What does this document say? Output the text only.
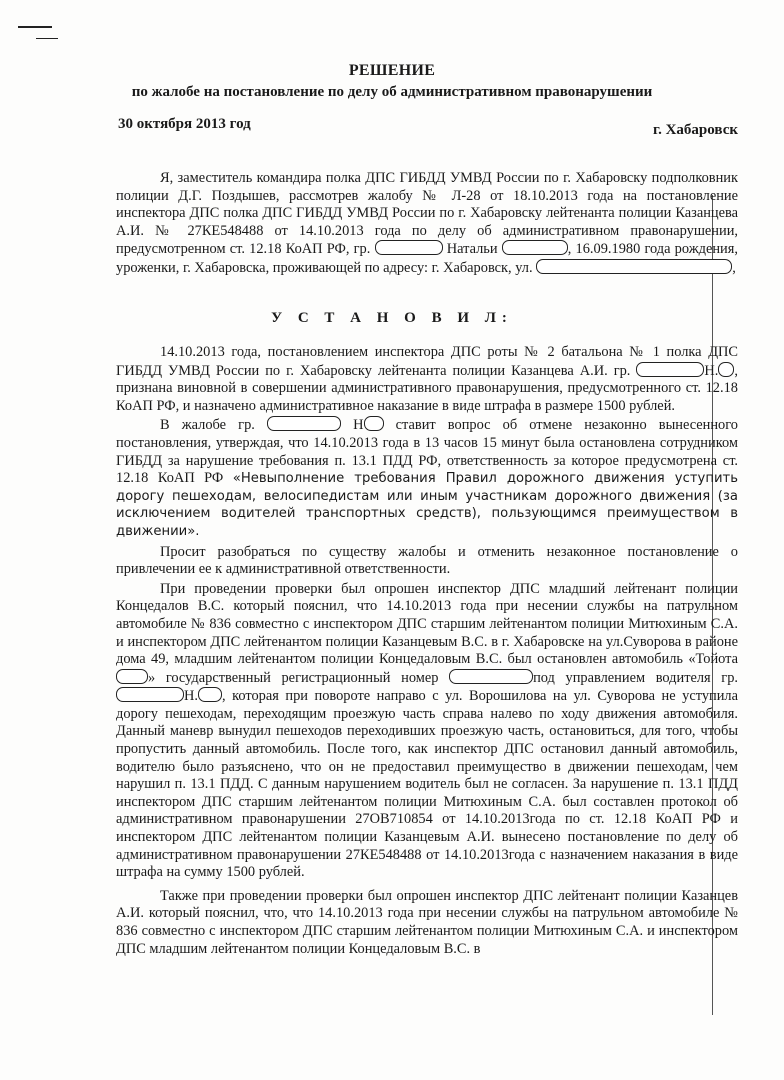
РЕШЕНИЕ
по жалобе на постановление по делу об административном правонарушении
30 октября 2013 год	г. Хабаровск

Я, заместитель командира полка ДПС ГИБДД УМВД России по г. Хабаровску подполковник полиции Д.Г. Поздышев, рассмотрев жалобу № Л-28 от 18.10.2013 года на постановление инспектора ДПС полка ДПС ГИБДД УМВД России по г. Хабаровску лейтенанта полиции Казанцева А.И. № 27КЕ548488 от 14.10.2013 года по делу об административном правонарушении, предусмотренном ст. 12.18 КоАП РФ, гр.	Натальи	, 16.09.1980 года рождения, уроженки, г. Хабаровска, проживающей по адресу: г. Хабаровск, ул.	,

У С Т А Н О В И Л:

14.10.2013 года, постановлением инспектора ДПС роты № 2 батальона № 1 полка ДПС ГИБДД УМВД России по г. Хабаровску лейтенанта полиции Казанцева А.И. гр.	Н. , признана виновной в совершении административного правонарушения, предусмотренного ст. 12.18 КоАП РФ, и назначено административное наказание в виде штрафа в размере 1500 рублей.

В жалобе гр.	Н ставит вопрос об отмене незаконно вынесенного постановления, утверждая, что 14.10.2013 года в 13 часов 15 минут была остановлена сотрудником ГИБДД за нарушение требования п. 13.1 ПДД РФ, ответственность за которое предусмотрена ст. 12.18 КоАП РФ «Невыполнение требования Правил дорожного движения уступить дорогу пешеходам, велосипедистам или иным участникам дорожного движения (за исключением водителей транспортных средств), пользующимся преимуществом в движении».

Просит разобраться по существу жалобы и отменить незаконное постановление о привлечении ее к административной ответственности.

При проведении проверки был опрошен инспектор ДПС младший лейтенант полиции Концедалов В.С. который пояснил, что 14.10.2013 года при несении службы на патрульном автомобиле № 836 совместно с инспектором ДПС старшим лейтенантом полиции Митюхиным С.А. и инспектором ДПС лейтенантом полиции Казанцевым В.С. в г. Хабаровске на ул.Суворова в районе дома 49, младшим лейтенантом полиции Концедаловым В.С. был остановлен автомобиль «Тойота» государственный регистрационный номер	под управлением водителя гр. Н. , которая при повороте направо с ул. Ворошилова на ул. Суворова не уступила дорогу пешеходам, переходящим проезжую часть справа налево по ходу движения автомобиля. Данный маневр вынудил пешеходов переходивших проезжую часть, остановиться, для того, чтобы пропустить данный автомобиль. После того, как инспектор ДПС остановил данный автомобиль, водителю было разъяснено, что он не предоставил преимущество в движении пешеходам, чем нарушил п. 13.1 ПДД. С данным нарушением водитель был не согласен. За нарушение п. 13.1 ПДД инспектором ДПС старшим лейтенантом полиции Митюхиным С.А. был составлен протокол об административном правонарушении 27ОВ710854 от 14.10.2013года по ст. 12.18 КоАП РФ и инспектором ДПС лейтенантом полиции Казанцевым А.И. вынесено постановление по делу об административном правонарушении 27КЕ548488 от 14.10.2013года с назначением наказания в виде штрафа на сумму 1500 рублей.

Также при проведении проверки был опрошен инспектор ДПС лейтенант полиции Казанцев А.И. который пояснил, что, что 14.10.2013 года при несении службы на патрульном автомобиле № 836 совместно с инспектором ДПС старшим лейтенантом полиции Митюхиным С.А. и инспектором ДПС младшим лейтенантом полиции Концедаловым В.С. в
